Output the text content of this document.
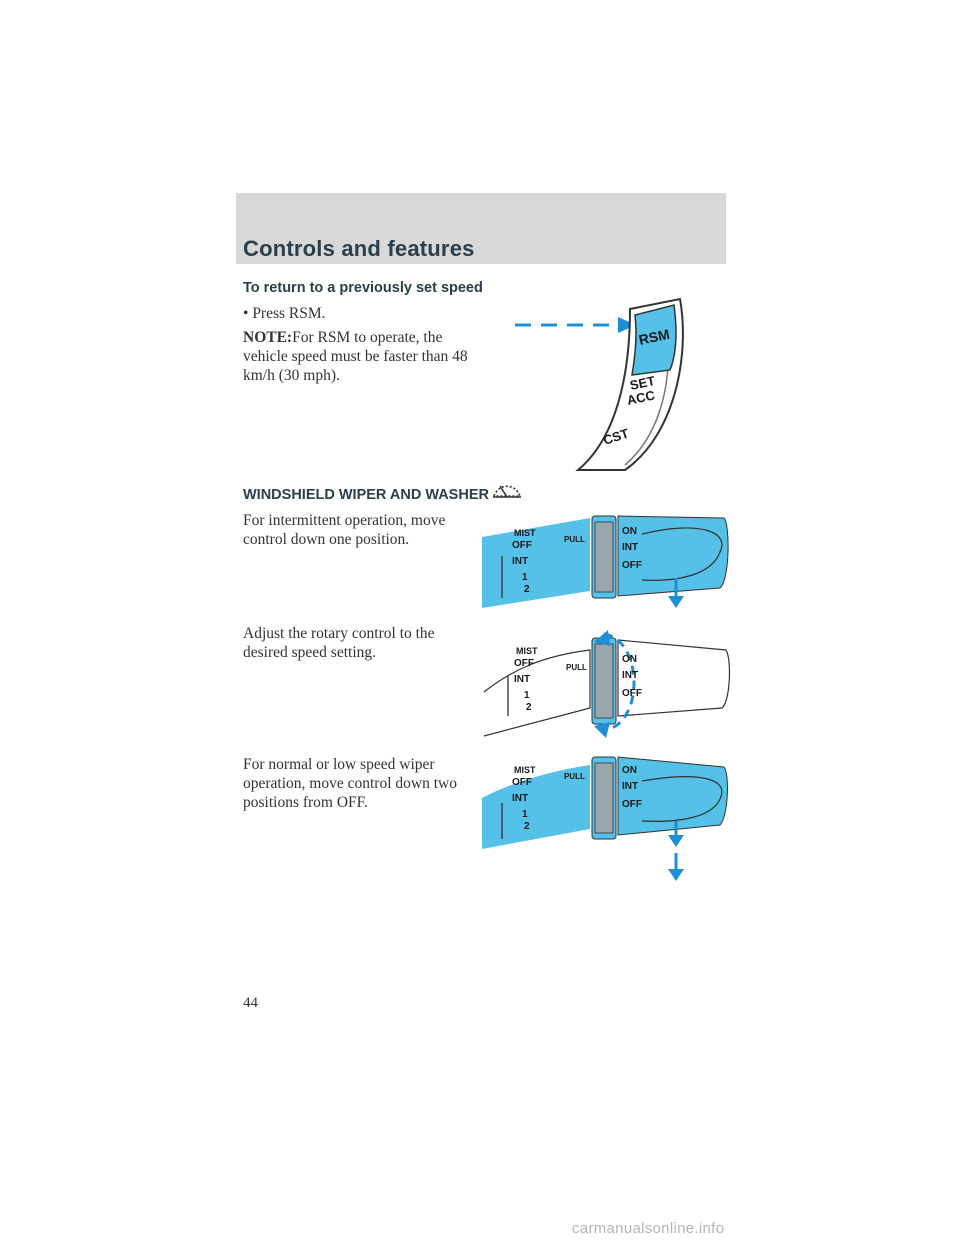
Controls and features
To return to a previously set speed

• Press RSM.

NOTE:For RSM to operate, the
vehicle speed must be faster than 48
km/h (30 mph).

RSM
SET
ACC
CST
WINDSHIELD WIPER AND WASHER

For intermittent operation, move
control down one position.

Adjust the rotary control to the
desired speed setting.

For normal or low speed wiper
operation, move control down two
positions from OFF.

MIST
OFF
INT
1
2
PULL
ON
INT
OFF
MIST
OFF
INT
1
2
PULL
ON
INT
OFF
MIST
OFF
INT
1
2
PULL
ON
INT
OFF
44
carmanualsonline.info
